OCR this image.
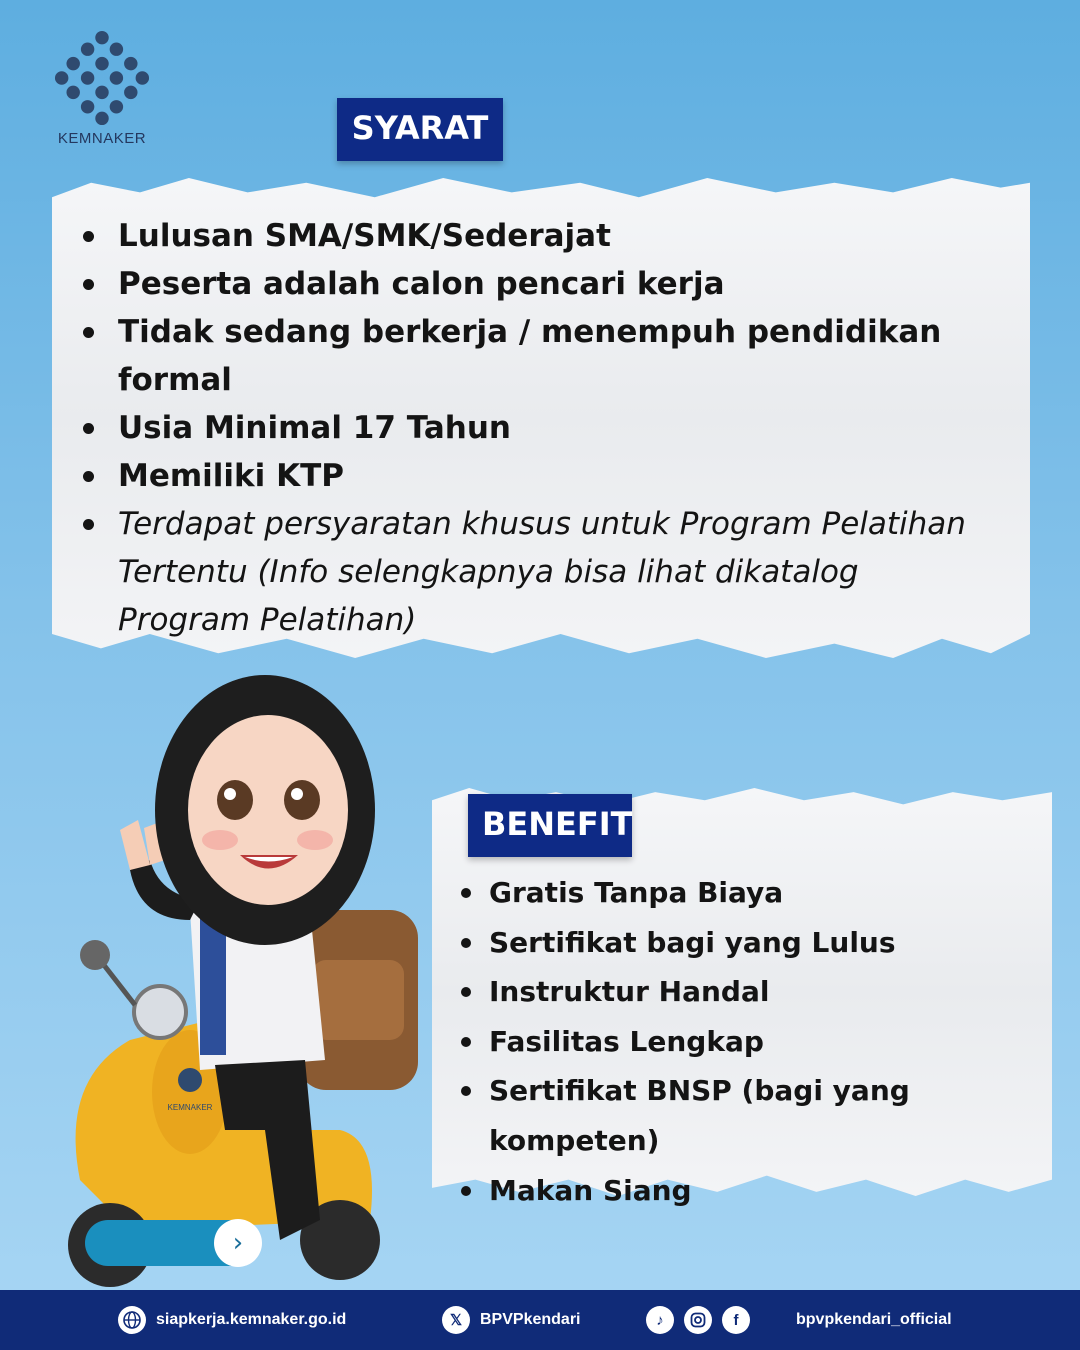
KEMNAKER	SYARAT
Lulusan SMA/SMK/Sederajat
Peserta adalah calon pencari kerja
Tidak sedang berkerja / menempuh pendidikan formal
Usia Minimal 17 Tahun
Memiliki KTP
Terdapat persyaratan khusus untuk Program Pelatihan Tertentu (Info selengkapnya bisa lihat dikatalog Program Pelatihan)
KEMNAKER
BENEFIT
Gratis Tanpa Biaya
Sertifikat bagi yang Lulus
Instruktur Handal
Fasilitas Lengkap
Sertifikat BNSP (bagi yang kompeten)
Makan Siang
›
siapkerja.kemnaker.go.id	𝕏	BPVPkendari	♪	f	bpvpkendari_official
